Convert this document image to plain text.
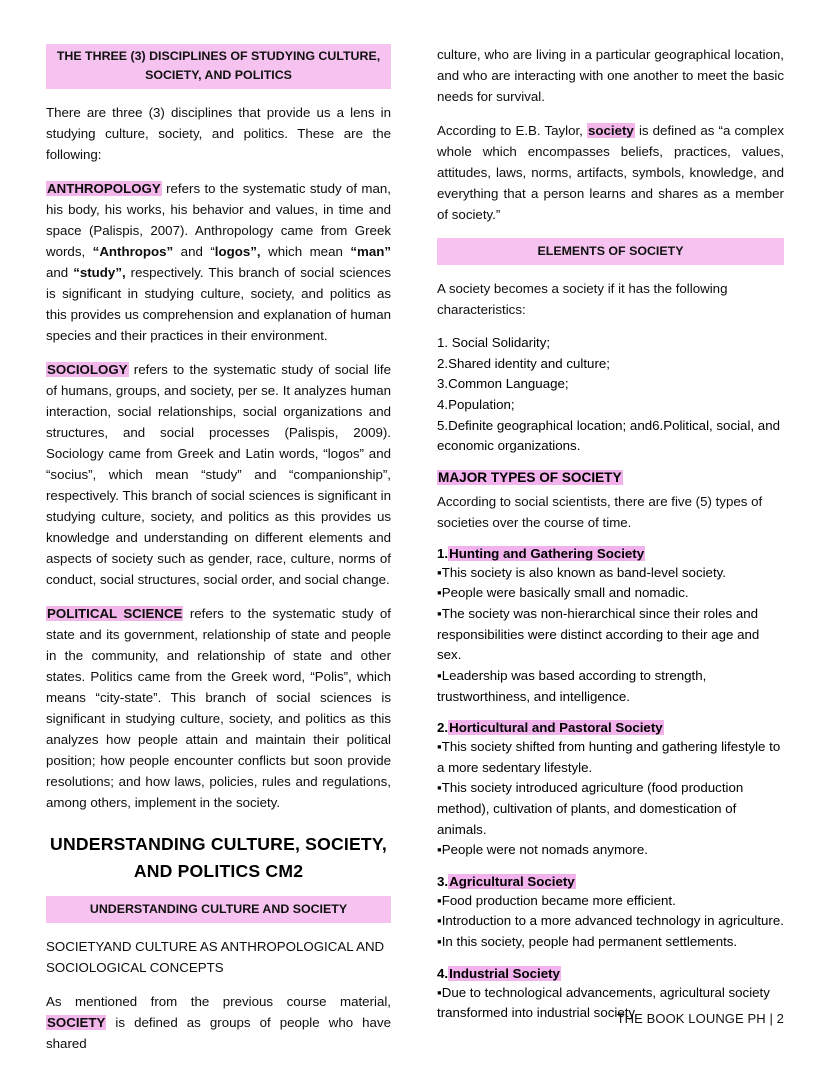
THE THREE (3) DISCIPLINES OF STUDYING CULTURE, SOCIETY, AND POLITICS

There are three (3) disciplines that provide us a lens in studying culture, society, and politics. These are the following:

ANTHROPOLOGY refers to the systematic study of man, his body, his works, his behavior and values, in time and space (Palispis, 2007). Anthropology came from Greek words, “Anthropos” and “logos”, which mean “man” and “study”, respectively. This branch of social sciences is significant in studying culture, society, and politics as this provides us comprehension and explanation of human species and their practices in their environment.

SOCIOLOGY refers to the systematic study of social life of humans, groups, and society, per se. It analyzes human interaction, social relationships, social organizations and structures, and social processes (Palispis, 2009). Sociology came from Greek and Latin words, “logos” and “socius”, which mean “study” and “companionship”, respectively. This branch of social sciences is significant in studying culture, society, and politics as this provides us knowledge and understanding on different elements and aspects of society such as gender, race, culture, norms of conduct, social structures, social order, and social change.

POLITICAL SCIENCE refers to the systematic study of state and its government, relationship of state and people in the community, and relationship of state and other states. Politics came from the Greek word, “Polis”, which means “city-state”. This branch of social sciences is significant in studying culture, society, and politics as this analyzes how people attain and maintain their political position; how people encounter conflicts but soon provide resolutions; and how laws, policies, rules and regulations, among others, implement in the society.

UNDERSTANDING CULTURE, SOCIETY, AND POLITICS CM2
UNDERSTANDING CULTURE AND SOCIETY

SOCIETYAND CULTURE AS ANTHROPOLOGICAL AND SOCIOLOGICAL CONCEPTS

As mentioned from the previous course material, SOCIETY is defined as groups of people who have shared

culture, who are living in a particular geographical location, and who are interacting with one another to meet the basic needs for survival.

According to E.B. Taylor, society is defined as “a complex whole which encompasses beliefs, practices, values, attitudes, laws, norms, artifacts, symbols, knowledge, and everything that a person learns and shares as a member of society.”

ELEMENTS OF SOCIETY

A society becomes a society if it has the following characteristics:

1. Social Solidarity;
2.Shared identity and culture;
3.Common Language;
4.Population;
5.Definite geographical location; and6.Political, social, and economic organizations.
MAJOR TYPES OF SOCIETY

According to social scientists, there are five (5) types of societies over the course of time.

1.Hunting and Gathering Society
▪This society is also known as band-level society.
▪People were basically small and nomadic.
▪The society was non-hierarchical since their roles and responsibilities were distinct according to their age and sex.
▪Leadership was based according to strength, trustworthiness, and intelligence.
2.Horticultural and Pastoral Society
▪This society shifted from hunting and gathering lifestyle to a more sedentary lifestyle.
▪This society introduced agriculture (food production method), cultivation of plants, and domestication of animals.
▪People were not nomads anymore.
3.Agricultural Society
▪Food production became more efficient.
▪Introduction to a more advanced technology in agriculture.
▪In this society, people had permanent settlements.
4.Industrial Society
▪Due to technological advancements, agricultural society transformed into industrial society.
THE BOOK LOUNGE PH | 2
